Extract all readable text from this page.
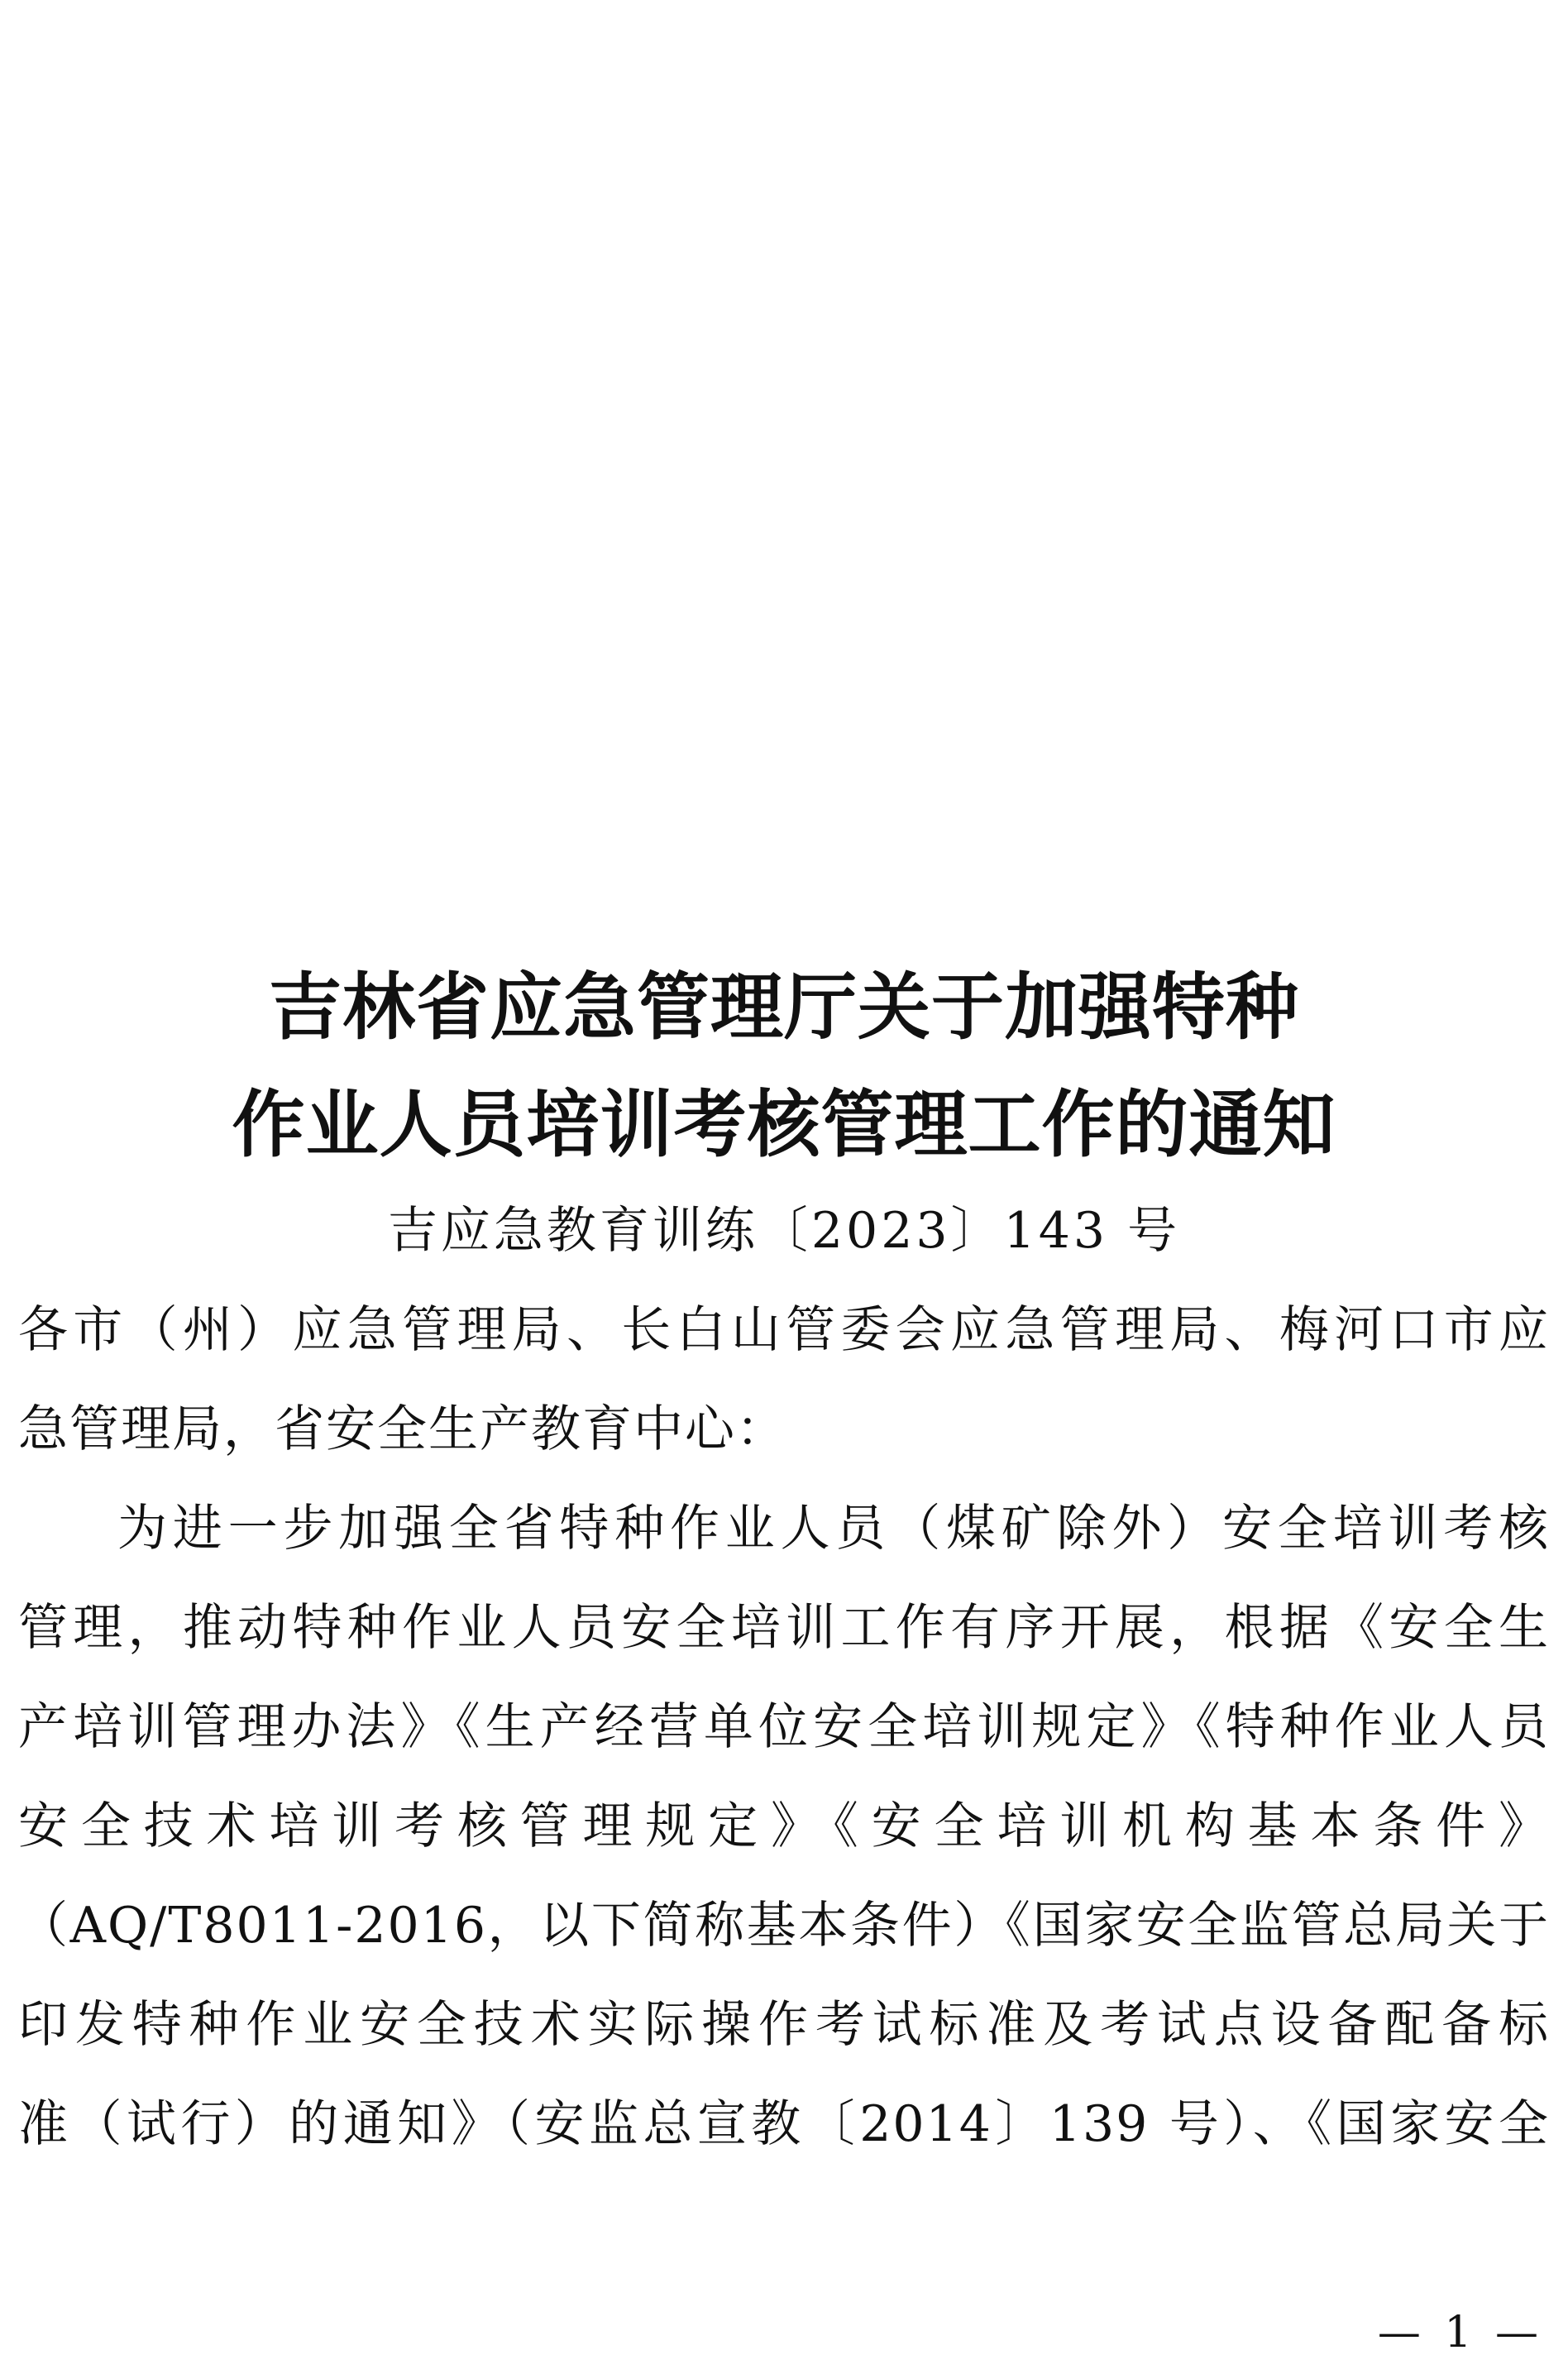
吉林省应急管理厅关于加强特种
作业人员培训考核管理工作的通知
吉应急教育训练〔2023〕143 号
各市（州）应急管理局、长白山管委会应急管理局、梅河口市应
急管理局，省安全生产教育中心：
为进一步加强全省特种作业人员（煤矿除外）安全培训考核
管理，推动特种作业人员安全培训工作有序开展，根据《安全生
产培训管理办法》《生产经营单位安全培训规定》《特种作业人员
安全技术培训考核管理规定》《安全培训机构基本条件》
（AQ/T8011-2016，以下简称基本条件）《国家安全监管总局关于
印发特种作业安全技术实际操作考试标准及考试点设备配备标
准（试行）的通知》（安监总宣教〔2014〕139 号）、《国家安全
— 1 —
